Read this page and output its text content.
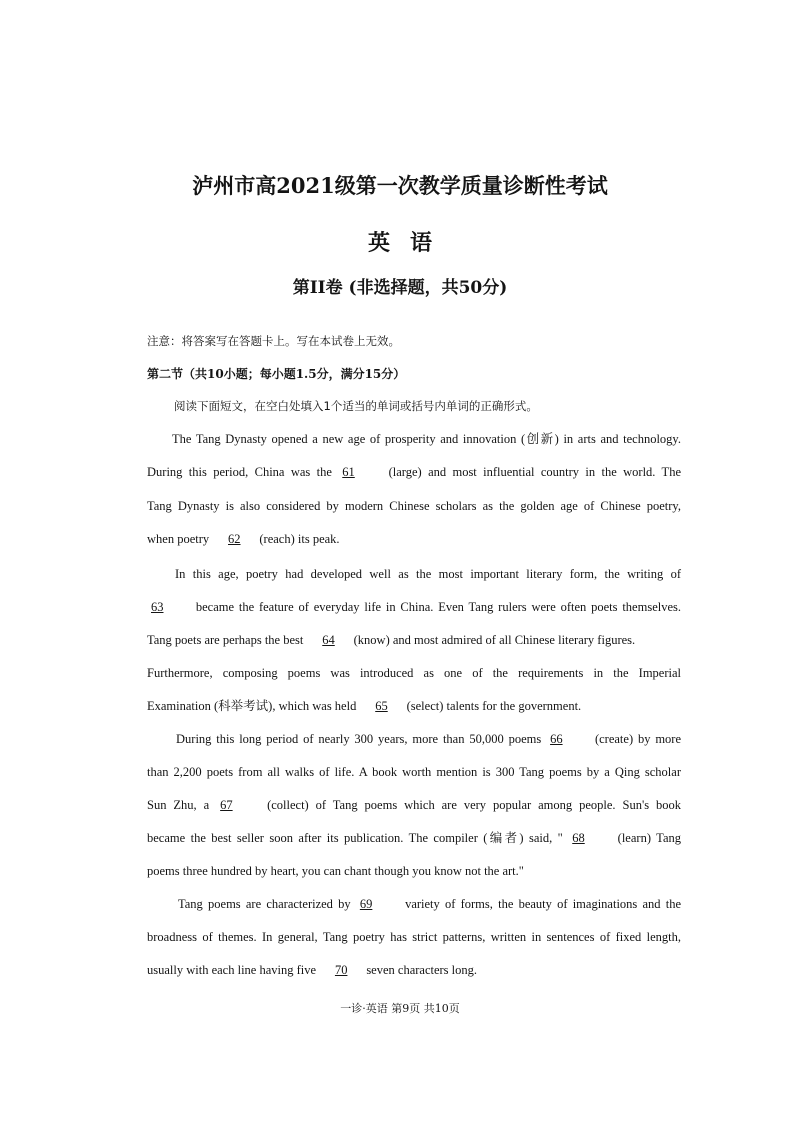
泸州市高2021级第一次教学质量诊断性考试
英语
第II卷 (非选择题，共50分)
注意：将答案写在答题卡上。写在本试卷上无效。
第二节（共10小题；每小题1.5分，满分15分）
阅读下面短文，在空白处填入1个适当的单词或括号内单词的正确形式。
The Tang Dynasty opened a new age of prosperity and innovation (创新) in arts and technology.
During this period, China was the 61	(large) and most influential country in the world. The
Tang Dynasty is also considered by modern Chinese scholars as the golden age of Chinese poetry,
when poetry 62 (reach) its peak.
In this age, poetry had developed well as the most important literary form, the writing of
63	became the feature of everyday life in China. Even Tang rulers were often poets themselves.
Tang poets are perhaps the best 64 (know) and most admired of all Chinese literary figures.
Furthermore, composing poems was introduced as one of the requirements in the Imperial
Examination (科举考试), which was held 65 (select) talents for the government.
During this long period of nearly 300 years, more than 50,000 poems 66	(create) by more
than 2,200 poets from all walks of life. A book worth mention is 300 Tang poems by a Qing scholar
Sun Zhu, a 67	(collect) of Tang poems which are very popular among people. Sun's book
became the best seller soon after its publication. The compiler (编者) said, " 68	(learn) Tang
poems three hundred by heart, you can chant though you know not the art."
Tang poems are characterized by 69	variety of forms, the beauty of imaginations and the
broadness of themes. In general, Tang poetry has strict patterns, written in sentences of fixed length,
usually with each line having five 70 seven characters long.
一诊·英语 第9页 共10页
